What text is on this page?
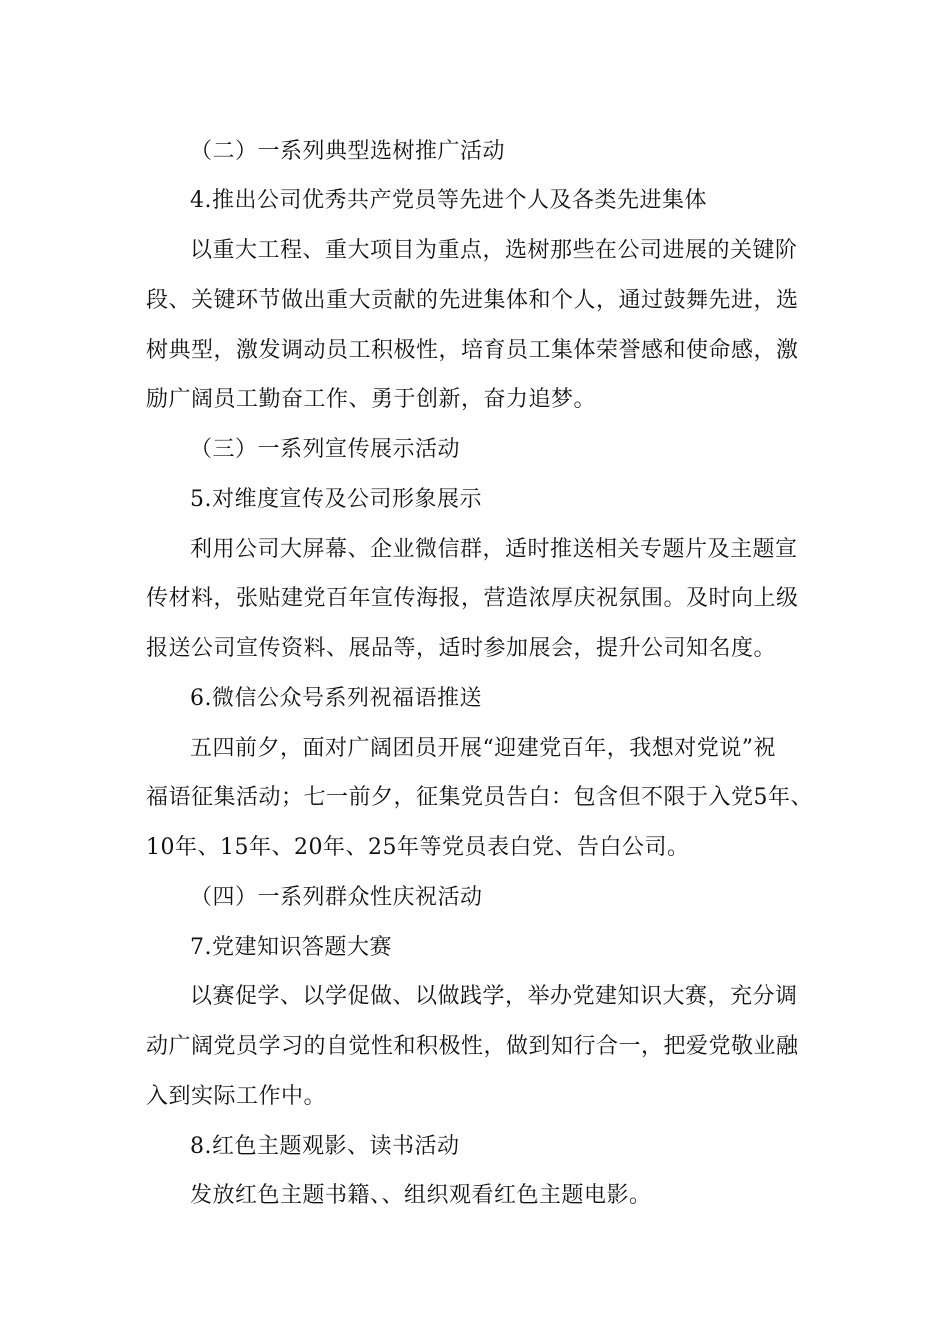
（二）一系列典型选树推广活动
4.推出公司优秀共产党员等先进个人及各类先进集体
以重大工程、重大项目为重点，选树那些在公司进展的关键阶
段、关键环节做出重大贡献的先进集体和个人，通过鼓舞先进，选
树典型，激发调动员工积极性，培育员工集体荣誉感和使命感，激
励广阔员工勤奋工作、勇于创新，奋力追梦。
（三）一系列宣传展示活动
5.对维度宣传及公司形象展示
利用公司大屏幕、企业微信群，适时推送相关专题片及主题宣
传材料，张贴建党百年宣传海报，营造浓厚庆祝氛围。及时向上级
报送公司宣传资料、展品等，适时参加展会，提升公司知名度。
6.微信公众号系列祝福语推送
五四前夕，面对广阔团员开展“迎建党百年，我想对党说”祝
福语征集活动；七一前夕，征集党员告白：包含但不限于入党5年、
10年、15年、20年、25年等党员表白党、告白公司。
（四）一系列群众性庆祝活动
7.党建知识答题大赛
以赛促学、以学促做、以做践学，举办党建知识大赛，充分调
动广阔党员学习的自觉性和积极性，做到知行合一，把爱党敬业融
入到实际工作中。
8.红色主题观影、读书活动
发放红色主题书籍、、组织观看红色主题电影。
